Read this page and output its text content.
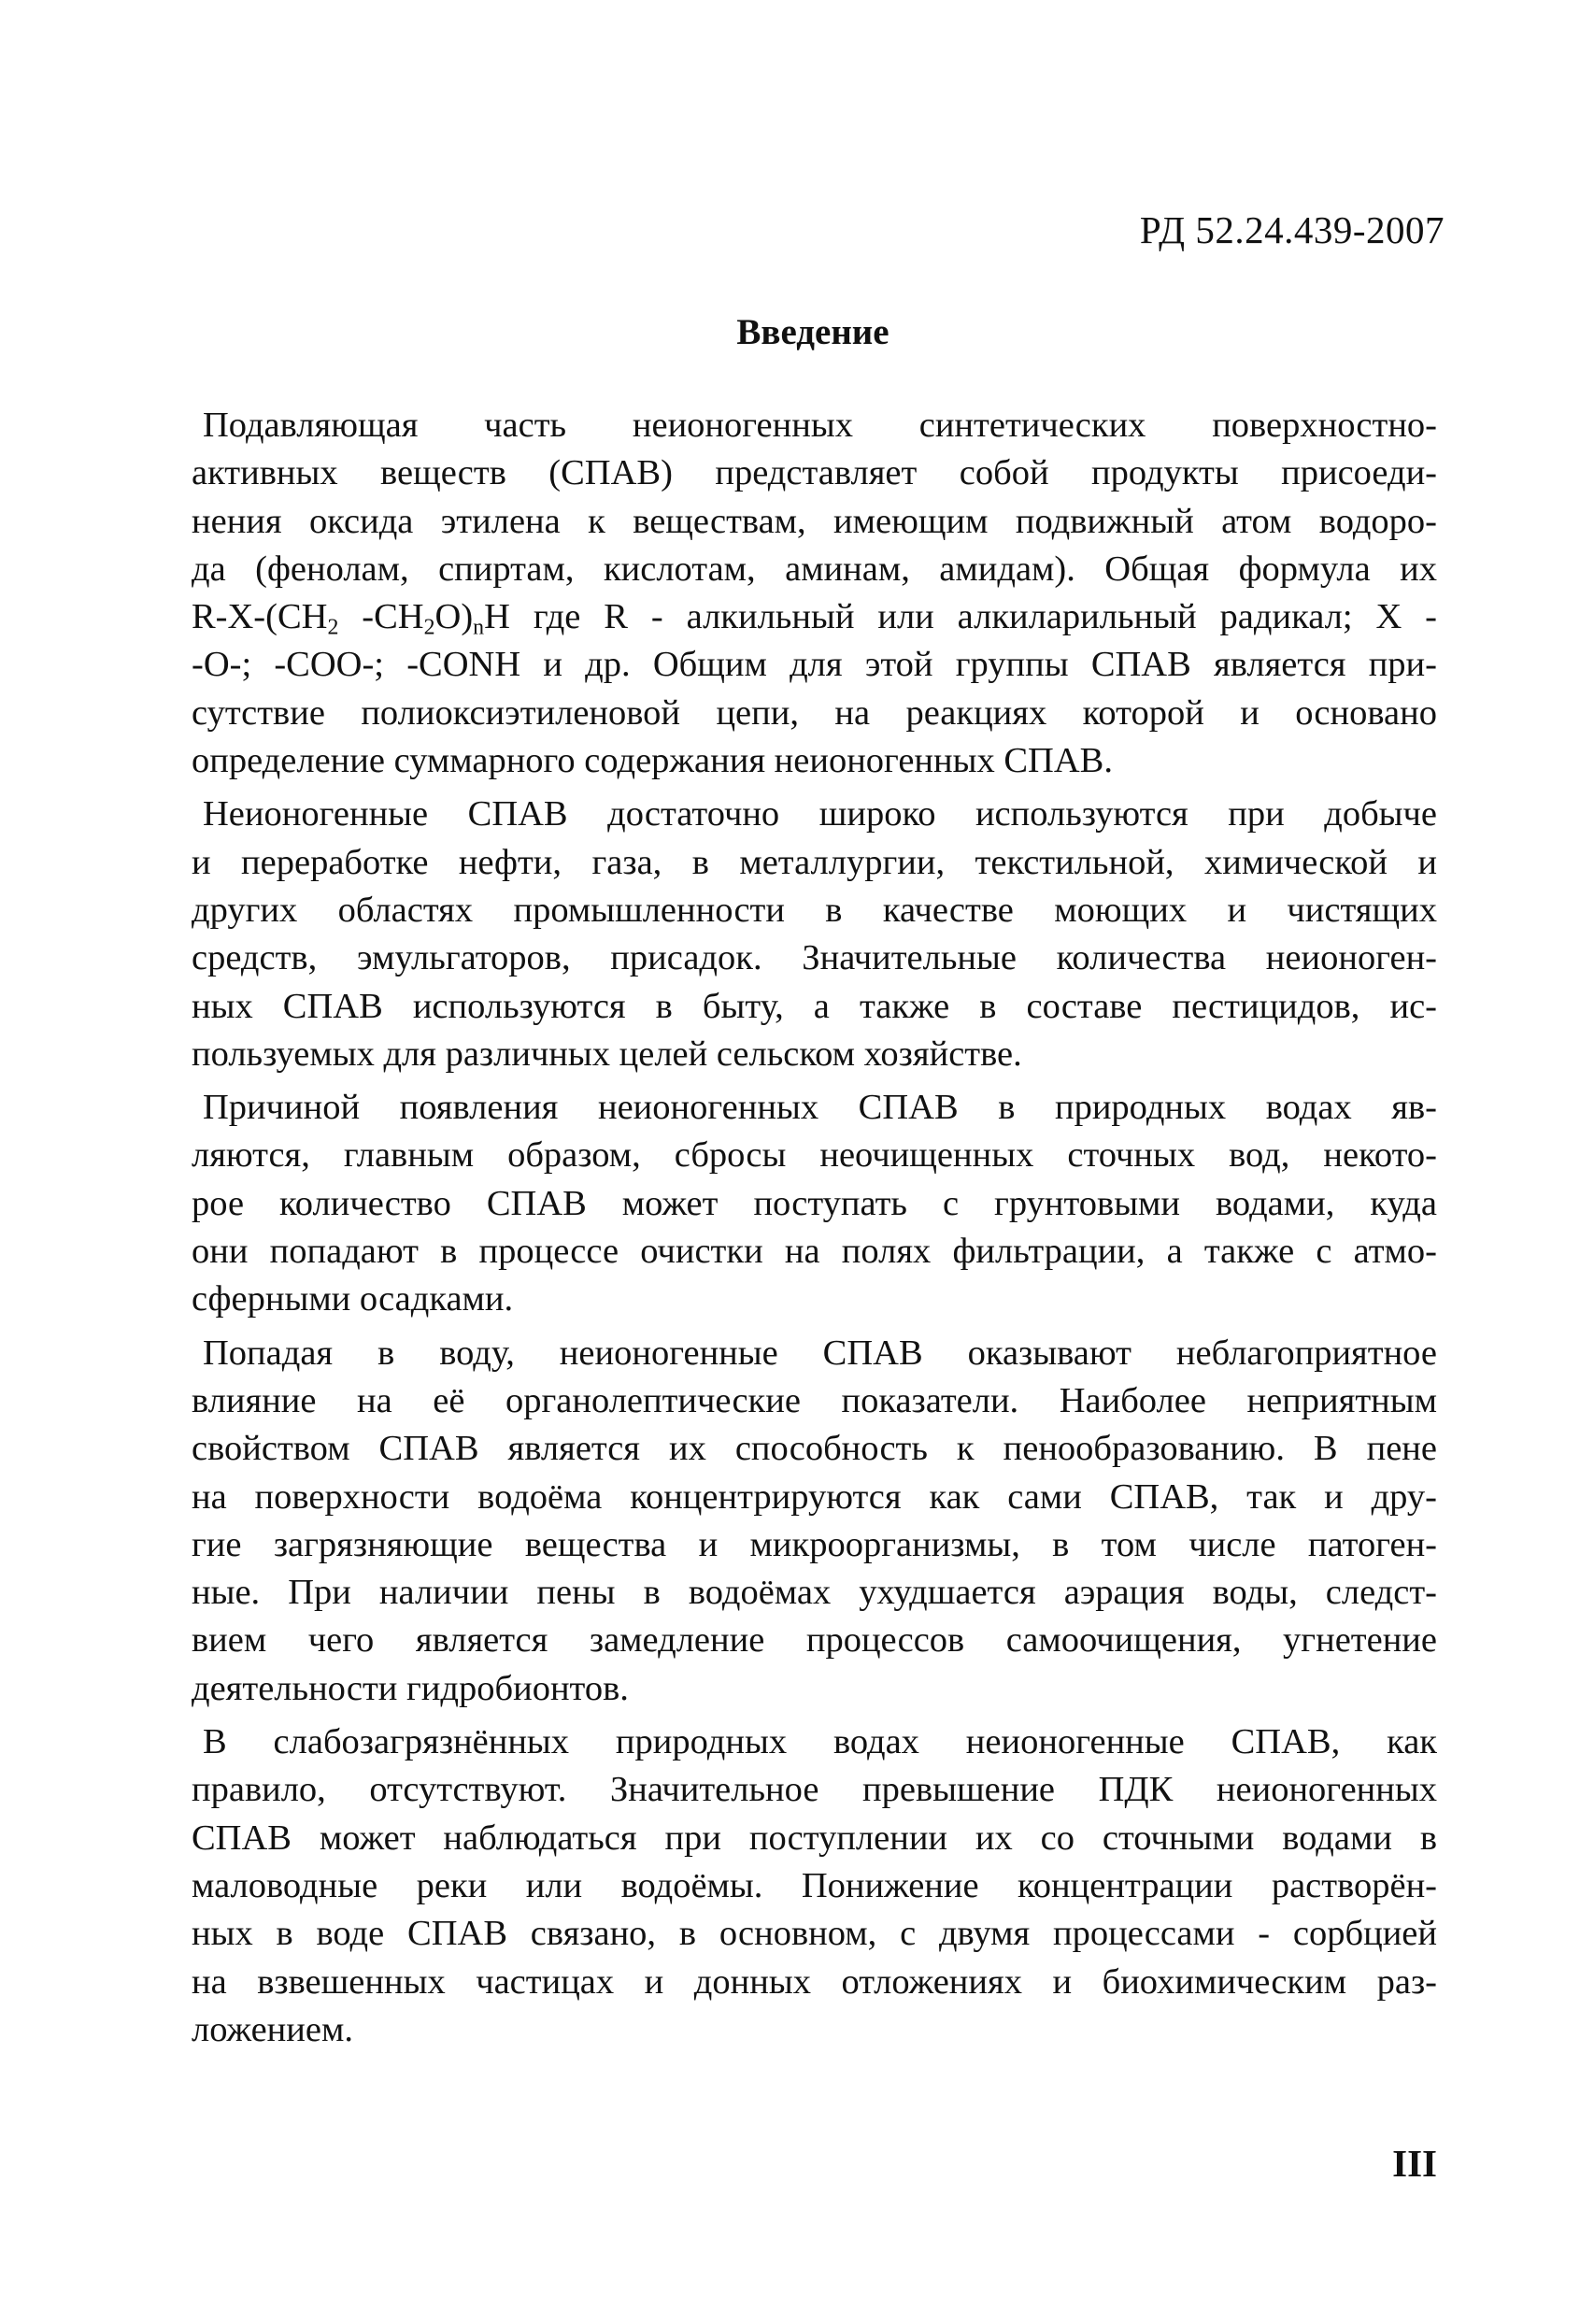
РД 52.24.439-2007
Введение

Подавляющая часть неионогенных синтетических поверхностно-
активных веществ (СПАВ) представляет собой продукты присоеди-
нения оксида этилена к веществам, имеющим подвижный атом водоро-
да (фенолам, спиртам, кислотам, аминам, амидам). Общая формула их
$R-X-(CH_2$ $-CH_2O)_nH$ где R - алкильный или алкиларильный радикал; X -
-O-; -COO-; -CONH и др. Общим для этой группы СПАВ является при-
сутствие полиоксиэтиленовой цепи, на реакциях которой и основано
определение суммарного содержания неионогенных СПАВ.

Неионогенные СПАВ достаточно широко используются при добыче
и переработке нефти, газа, в металлургии, текстильной, химической и
других областях промышленности в качестве моющих и чистящих
средств, эмульгаторов, присадок. Значительные количества неионоген-
ных СПАВ используются в быту, а также в составе пестицидов, ис-
пользуемых для различных целей сельском хозяйстве.

Причиной появления неионогенных СПАВ в природных водах яв-
ляются, главным образом, сбросы неочищенных сточных вод, некото-
рое количество СПАВ может поступать с грунтовыми водами, куда
они попадают в процессе очистки на полях фильтрации, а также с атмо-
сферными осадками.

Попадая в воду, неионогенные СПАВ оказывают неблагоприятное
влияние на её органолептические показатели. Наиболее неприятным
свойством СПАВ является их способность к пенообразованию. В пене
на поверхности водоёма концентрируются как сами СПАВ, так и дру-
гие загрязняющие вещества и микроорганизмы, в том числе патоген-
ные. При наличии пены в водоёмах ухудшается аэрация воды, следст-
вием чего является замедление процессов самоочищения, угнетение
деятельности гидробионтов.

В слабозагрязнённых природных водах неионогенные СПАВ, как
правило, отсутствуют. Значительное превышение ПДК неионогенных
СПАВ может наблюдаться при поступлении их со сточными водами в
маловодные реки или водоёмы. Понижение концентрации растворён-
ных в воде СПАВ связано, в основном, с двумя процессами - сорбцией
на взвешенных частицах и донных отложениях и биохимическим раз-
ложением.

III
